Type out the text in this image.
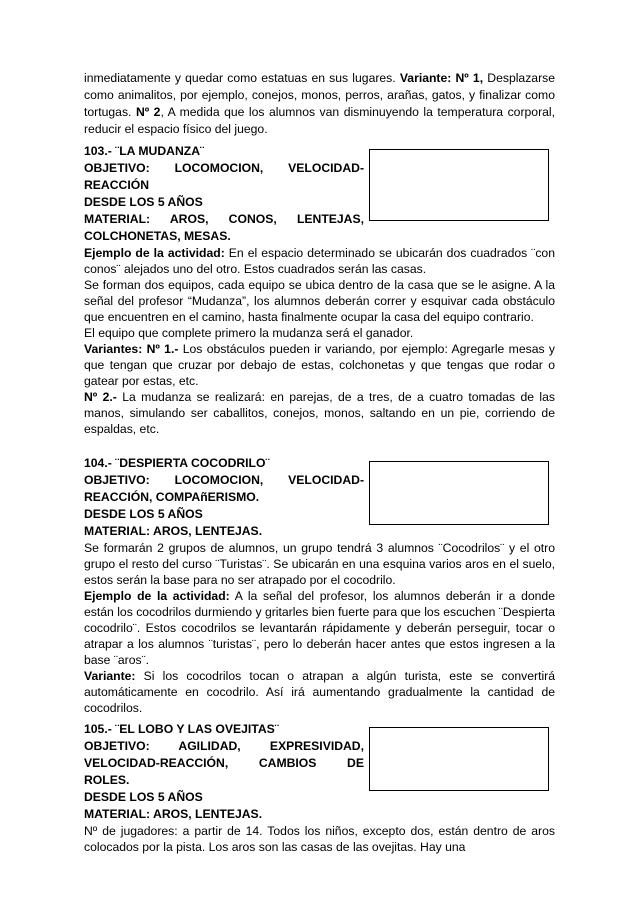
inmediatamente y quedar como estatuas en sus lugares. Variante: Nº 1, Desplazarse como animalitos, por ejemplo, conejos, monos, perros, arañas, gatos, y finalizar como tortugas. Nº 2, A medida que los alumnos van disminuyendo la temperatura corporal, reducir el espacio físico del juego.

103.- ¨LA MUDANZA¨

OBJETIVO: LOCOMOCION, VELOCIDAD-

REACCIÓN

DESDE LOS 5 AÑOS

MATERIAL: AROS, CONOS, LENTEJAS,

COLCHONETAS, MESAS.

Ejemplo de la actividad: En el espacio determinado se ubicarán dos cuadrados ¨con conos¨ alejados uno del otro. Estos cuadrados serán las casas.

Se forman dos equipos, cada equipo se ubica dentro de la casa que se le asigne. A la señal del profesor “Mudanza”, los alumnos deberán correr y esquivar cada obstáculo que encuentren en el camino, hasta finalmente ocupar la casa del equipo contrario.

El equipo que complete primero la mudanza será el ganador.

Variantes: Nº 1.- Los obstáculos pueden ir variando, por ejemplo: Agregarle mesas y que tengan que cruzar por debajo de estas, colchonetas y que tengas que rodar o gatear por estas, etc.

Nº 2.- La mudanza se realizará: en parejas, de a tres, de a cuatro tomadas de las manos, simulando ser caballitos, conejos, monos, saltando en un pie, corriendo de espaldas, etc.

104.- ¨DESPIERTA COCODRILO¨

OBJETIVO: LOCOMOCION, VELOCIDAD-

REACCIÓN, COMPAñERISMO.

DESDE LOS 5 AÑOS

MATERIAL: AROS, LENTEJAS.

Se formarán 2 grupos de alumnos, un grupo tendrá 3 alumnos ¨Cocodrilos¨ y el otro grupo el resto del curso ¨Turistas¨. Se ubicarán en una esquina varios aros en el suelo, estos serán la base para no ser atrapado por el cocodrilo.

Ejemplo de la actividad: A la señal del profesor, los alumnos deberán ir a donde están los cocodrilos durmiendo y gritarles bien fuerte para que los escuchen ¨Despierta cocodrilo¨. Estos cocodrilos se levantarán rápidamente y deberán perseguir, tocar o atrapar a los alumnos ¨turistas¨, pero lo deberán hacer antes que estos ingresen a la base ¨aros¨.

Variante: Si los cocodrilos tocan o atrapan a algún turista, este se convertirá automáticamente en cocodrilo. Así irá aumentando gradualmente la cantidad de cocodrilos.

105.- ¨EL LOBO Y LAS OVEJITAS¨

OBJETIVO: AGILIDAD, EXPRESIVIDAD,

VELOCIDAD-REACCIÓN, CAMBIOS DE

ROLES.

DESDE LOS 5 AÑOS

MATERIAL: AROS, LENTEJAS.

Nº de jugadores: a partir de 14. Todos los niños, excepto dos, están dentro de aros colocados por la pista. Los aros son las casas de las ovejitas. Hay una
